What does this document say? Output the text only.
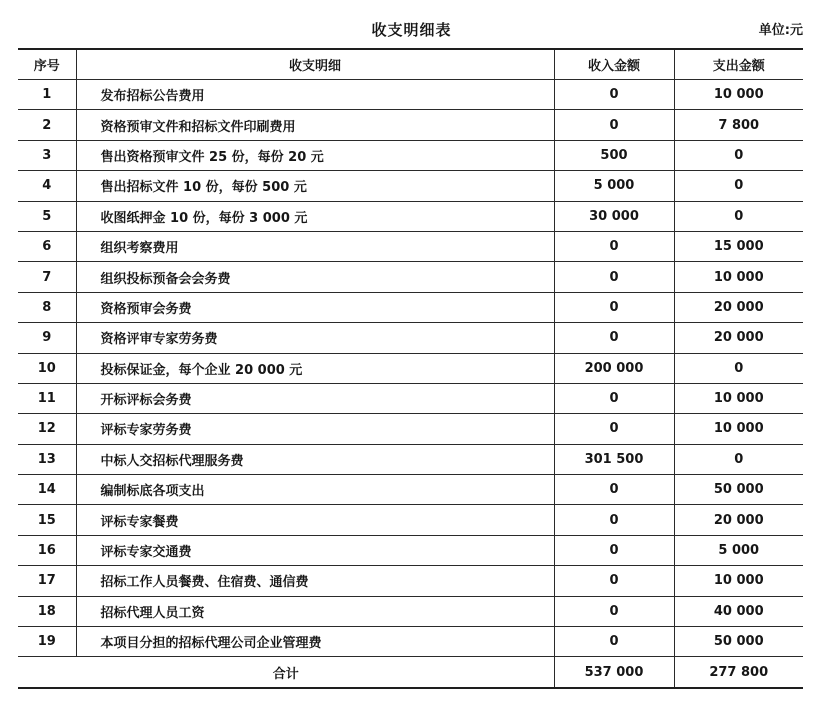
收支明细表	单位:元
序号	收支明细	收入金额	支出金额
1	发布招标公告费用	0	10 000
2	资格预审文件和招标文件印刷费用	0	7 800
3	售出资格预审文件 25 份，每份 20 元	500	0
4	售出招标文件 10 份，每份 500 元	5 000	0
5	收图纸押金 10 份，每份 3 000 元	30 000	0
6	组织考察费用	0	15 000
7	组织投标预备会会务费	0	10 000
8	资格预审会务费	0	20 000
9	资格评审专家劳务费	0	20 000
10	投标保证金，每个企业 20 000 元	200 000	0
11	开标评标会务费	0	10 000
12	评标专家劳务费	0	10 000
13	中标人交招标代理服务费	301 500	0
14	编制标底各项支出	0	50 000
15	评标专家餐费	0	20 000
16	评标专家交通费	0	5 000
17	招标工作人员餐费、住宿费、通信费	0	10 000
18	招标代理人员工资	0	40 000
19	本项目分担的招标代理公司企业管理费	0	50 000
合计		537 000	277 800
